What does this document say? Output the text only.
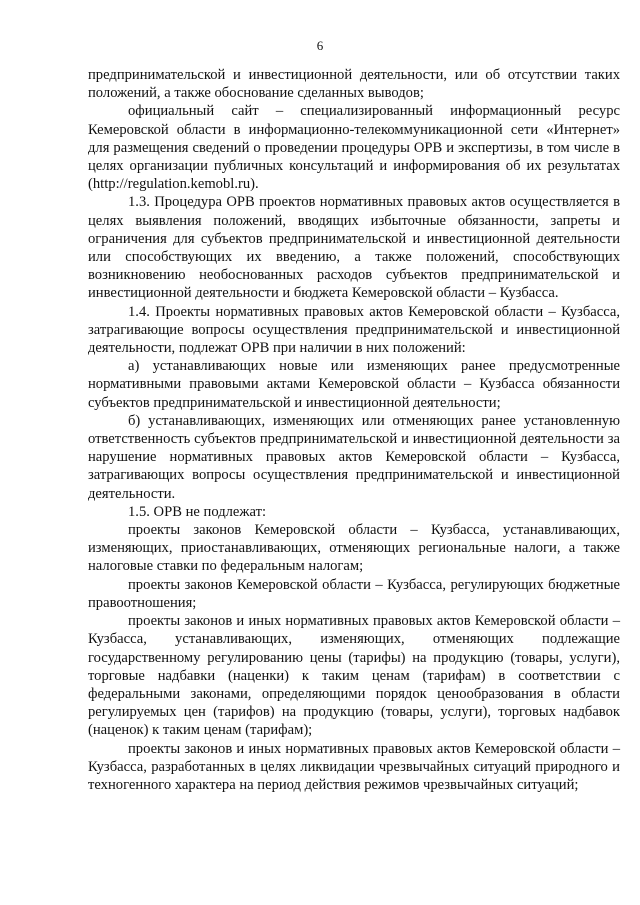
6

предпринимательской и инвестиционной деятельности, или об отсутствии таких положений, а также обоснование сделанных выводов;

официальный сайт – специализированный информационный ресурс Кемеровской области в информационно-телекоммуникационной сети «Интернет» для размещения сведений о проведении процедуры ОРВ и экспертизы, в том числе в целях организации публичных консультаций и информирования об их результатах (http://regulation.kemobl.ru).

1.3. Процедура ОРВ проектов нормативных правовых актов осуществляется в целях выявления положений, вводящих избыточные обязанности, запреты и ограничения для субъектов предпринимательской и инвестиционной деятельности или способствующих их введению, а также положений, способствующих возникновению необоснованных расходов субъектов предпринимательской и инвестиционной деятельности и бюджета Кемеровской области – Кузбасса.

1.4. Проекты нормативных правовых актов Кемеровской области – Кузбасса, затрагивающие вопросы осуществления предпринимательской и инвестиционной деятельности, подлежат ОРВ при наличии в них положений:

а) устанавливающих новые или изменяющих ранее предусмотренные нормативными правовыми актами Кемеровской области – Кузбасса обязанности субъектов предпринимательской и инвестиционной деятельности;

б) устанавливающих, изменяющих или отменяющих ранее установленную ответственность субъектов предпринимательской и инвестиционной деятельности за нарушение нормативных правовых актов Кемеровской области – Кузбасса, затрагивающих вопросы осуществления предпринимательской и инвестиционной деятельности.

1.5. ОРВ не подлежат:

проекты законов Кемеровской области – Кузбасса, устанавливающих, изменяющих, приостанавливающих, отменяющих региональные налоги, а также налоговые ставки по федеральным налогам;

проекты законов Кемеровской области – Кузбасса, регулирующих бюджетные правоотношения;

проекты законов и иных нормативных правовых актов Кемеровской области – Кузбасса, устанавливающих, изменяющих, отменяющих подлежащие государственному регулированию цены (тарифы) на продукцию (товары, услуги), торговые надбавки (наценки) к таким ценам (тарифам) в соответствии с федеральными законами, определяющими порядок ценообразования в области регулируемых цен (тарифов) на продукцию (товары, услуги), торговых надбавок (наценок) к таким ценам (тарифам);

проекты законов и иных нормативных правовых актов Кемеровской области – Кузбасса, разработанных в целях ликвидации чрезвычайных ситуаций природного и техногенного характера на период действия режимов чрезвычайных ситуаций;
